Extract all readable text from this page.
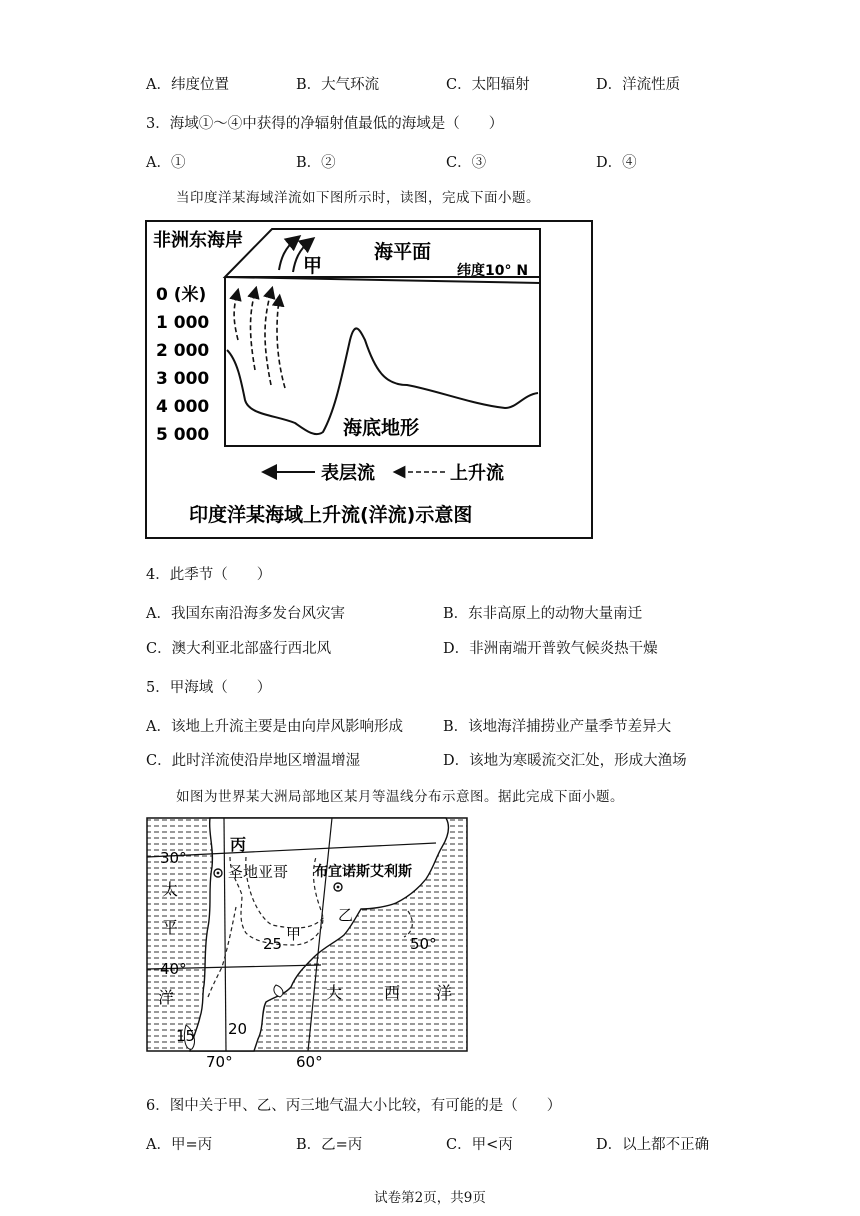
A．纬度位置	B．大气环流	C．太阳辐射	D．洋流性质
3．海域①～④中获得的净辐射值最低的海域是（　　）
A．①	B．②	C．③	D．④
当印度洋某海域洋流如下图所示时，读图，完成下面小题。
非洲东海岸
甲
海平面
纬度10° N
0 (米)
1 000
2 000
3 000
4 000
5 000	海底地形
表层流	上升流
印度洋某海域上升流(洋流)示意图
4．此季节（　　）
A．我国东南沿海多发台风灾害	B．东非高原上的动物大量南迁
C．澳大利亚北部盛行西北风	D．非洲南端开普敦气候炎热干燥
5．甲海域（　　）
A．该地上升流主要是由向岸风影响形成	B．该地海洋捕捞业产量季节差异大
C．此时洋流使沿岸地区增温增湿	D．该地为寒暖流交汇处，形成大渔场
如图为世界某大洲局部地区某月等温线分布示意图。据此完成下面小题。
丙
30°
40°
50°
太
平
洋
圣地亚哥 布宜诺斯艾利斯
甲
乙
25
20
15
大	西 洋
70°	60°
6．图中关于甲、乙、丙三地气温大小比较，有可能的是（　　）
A．甲=丙	B．乙=丙	C．甲<丙	D．以上都不正确
试卷第2页，共9页
